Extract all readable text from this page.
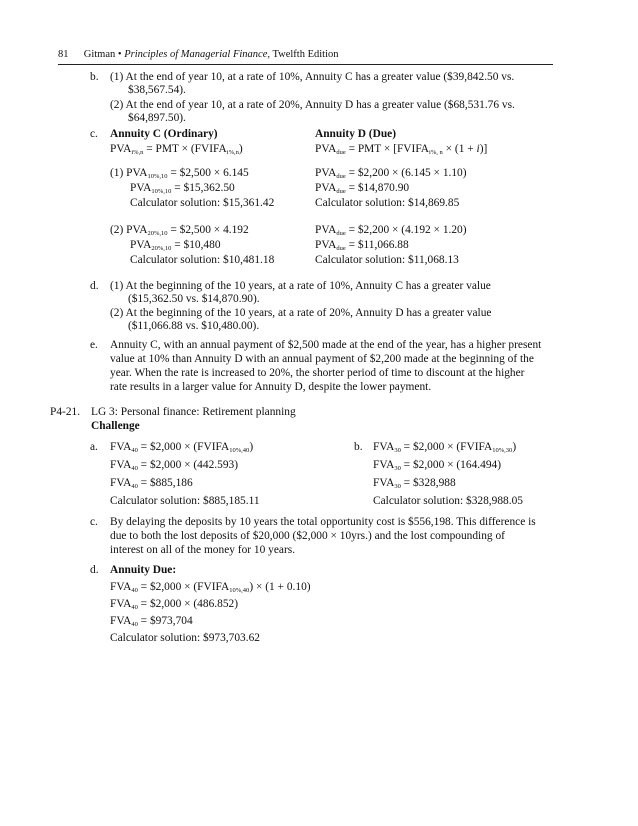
81 Gitman • Principles of Managerial Finance, Twelfth Edition
b. (1) At the end of year 10, at a rate of 10%, Annuity C has a greater value ($39,842.50 vs.
$38,567.54).
(2) At the end of year 10, at a rate of 20%, Annuity D has a greater value ($68,531.76 vs.
$64,897.50).
c. Annuity C (Ordinary)	Annuity D (Due)
$PVA_{i\%,n}$ = PMT × $(FVIFA_{i\%,n})$	$PVA_{due}$ = PMT × $[FVIFA_{i\%, n} \times (1 + i)]$
(1) $PVA_{10\%,10}$ = $2,500 × 6.145
$PVA_{10\%,10}$ = $15,362.50
Calculator solution: $15,361.42
$PVA_{due}$ = $2,200 × (6.145 × 1.10)
$PVA_{due}$ = $14,870.90
Calculator solution: $14,869.85
(2) $PVA_{20\%,10}$ = $2,500 × 4.192
$PVA_{20\%,10}$ = $10,480
Calculator solution: $10,481.18
$PVA_{due}$ = $2,200 × (4.192 × 1.20)
$PVA_{due}$ = $11,066.88
Calculator solution: $11,068.13
d. (1) At the beginning of the 10 years, at a rate of 10%, Annuity C has a greater value
($15,362.50 vs. $14,870.90).
(2) At the beginning of the 10 years, at a rate of 20%, Annuity D has a greater value
($11,066.88 vs. $10,480.00).
e. Annuity C, with an annual payment of $2,500 made at the end of the year, has a higher present
value at 10% than Annuity D with an annual payment of $2,200 made at the beginning of the
year. When the rate is increased to 20%, the shorter period of time to discount at the higher
rate results in a larger value for Annuity D, despite the lower payment.
P4-21. LG 3: Personal finance: Retirement planning
Challenge
a. $FVA_{40}$ = $2,000 × $(FVIFA_{10\%,40})$
$FVA_{40}$ = $2,000 × (442.593)
$FVA_{40}$ = $885,186
Calculator solution: $885,185.11
b. $FVA_{30}$ = $2,000 × $(FVIFA_{10\%,30})$
$FVA_{30}$ = $2,000 × (164.494)
$FVA_{30}$ = $328,988
Calculator solution: $328,988.05
c. By delaying the deposits by 10 years the total opportunity cost is $556,198. This difference is
due to both the lost deposits of $20,000 ($2,000 × 10yrs.) and the lost compounding of
interest on all of the money for 10 years.
d. Annuity Due:
$FVA_{40}$ = $2,000 × $(FVIFA_{10\%,40}) \times (1 + 0.10)$
$FVA_{40}$ = $2,000 × (486.852)
$FVA_{40}$ = $973,704
Calculator solution: $973,703.62
